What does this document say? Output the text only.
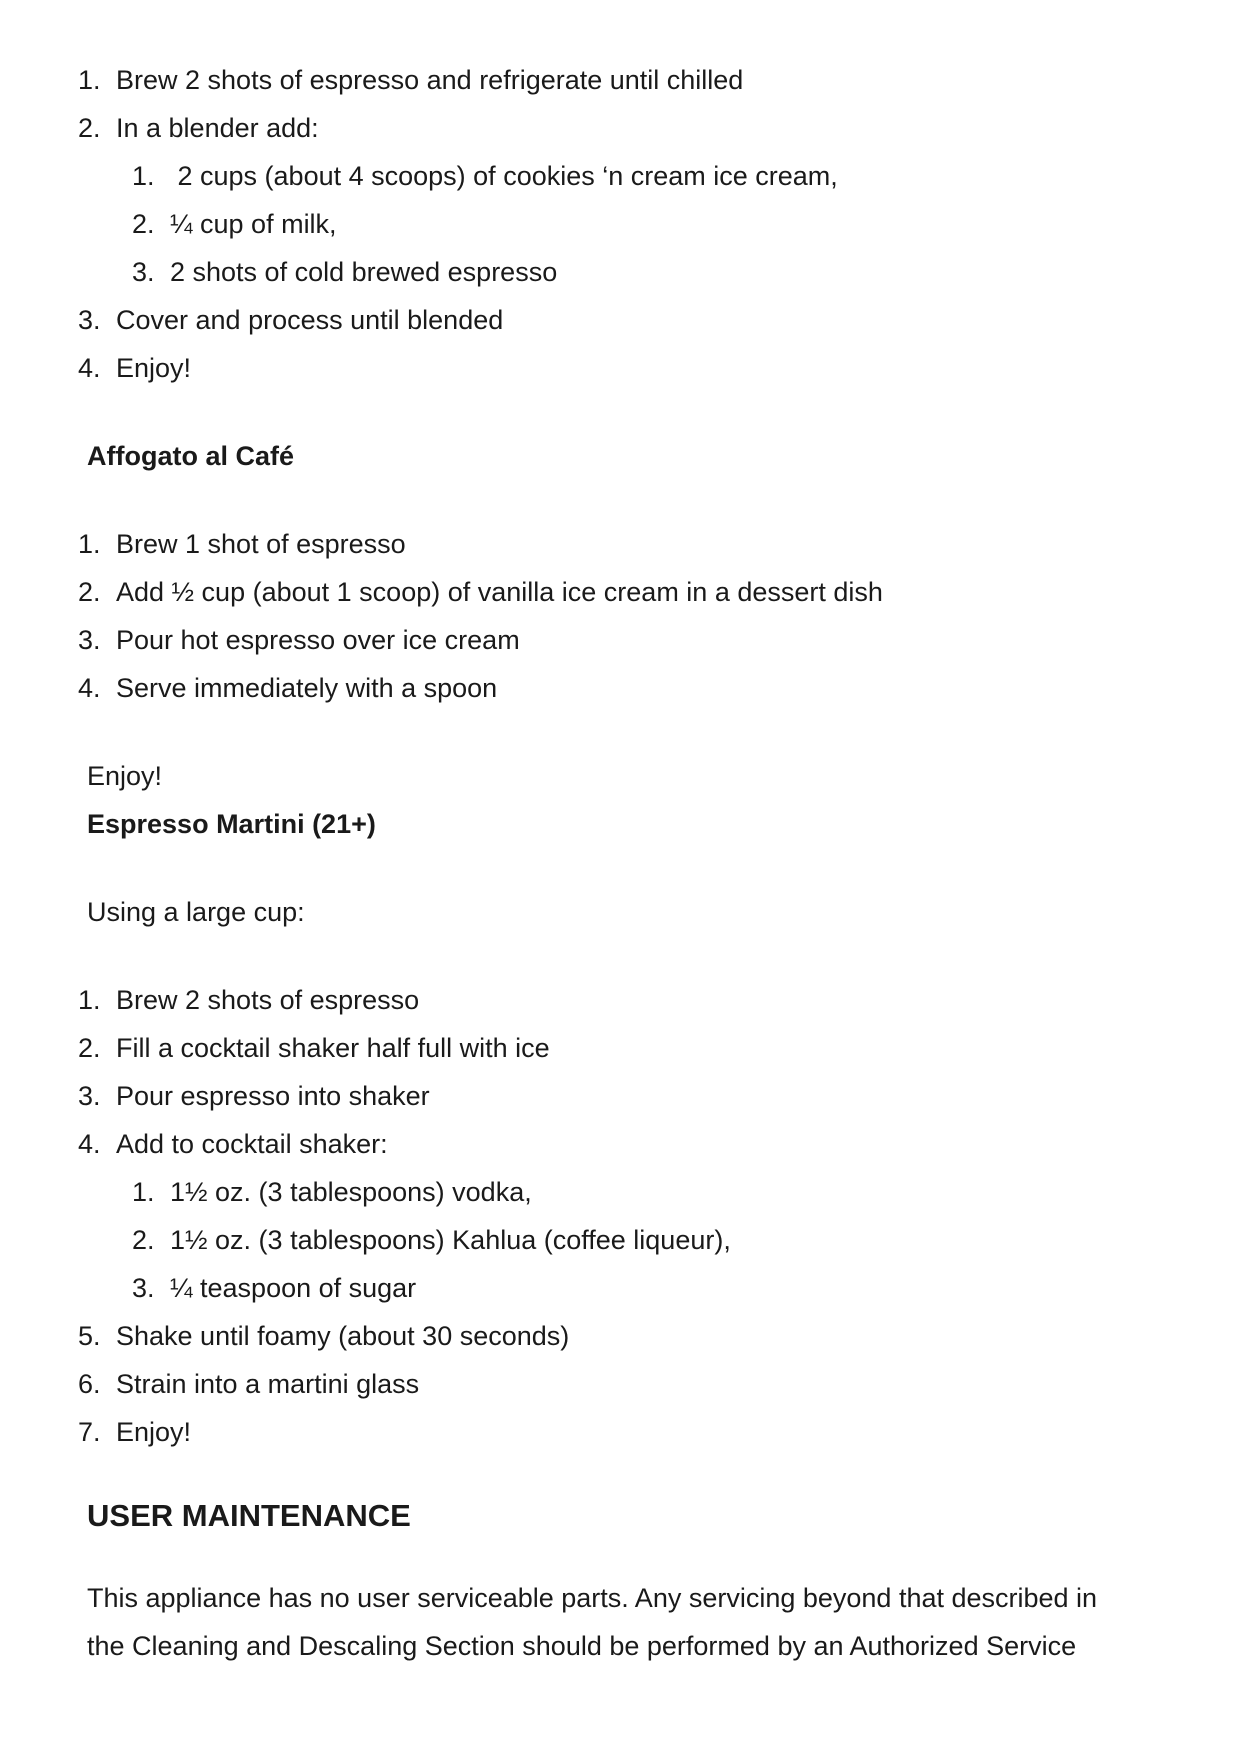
1. Brew 2 shots of espresso and refrigerate until chilled
2. In a blender add:
1. 2 cups (about 4 scoops) of cookies ‘n cream ice cream,
2. ¼ cup of milk,
3. 2 shots of cold brewed espresso
3. Cover and process until blended
4. Enjoy!
Affogato al Café
1. Brew 1 shot of espresso
2. Add ½ cup (about 1 scoop) of vanilla ice cream in a dessert dish
3. Pour hot espresso over ice cream
4. Serve immediately with a spoon
Enjoy!
Espresso Martini (21+)
Using a large cup:
1. Brew 2 shots of espresso
2. Fill a cocktail shaker half full with ice
3. Pour espresso into shaker
4. Add to cocktail shaker:
1. 1½ oz. (3 tablespoons) vodka,
2. 1½ oz. (3 tablespoons) Kahlua (coffee liqueur),
3. ¼ teaspoon of sugar
5. Shake until foamy (about 30 seconds)
6. Strain into a martini glass
7. Enjoy!
USER MAINTENANCE
This appliance has no user serviceable parts. Any servicing beyond that described in
the Cleaning and Descaling Section should be performed by an Authorized Service
